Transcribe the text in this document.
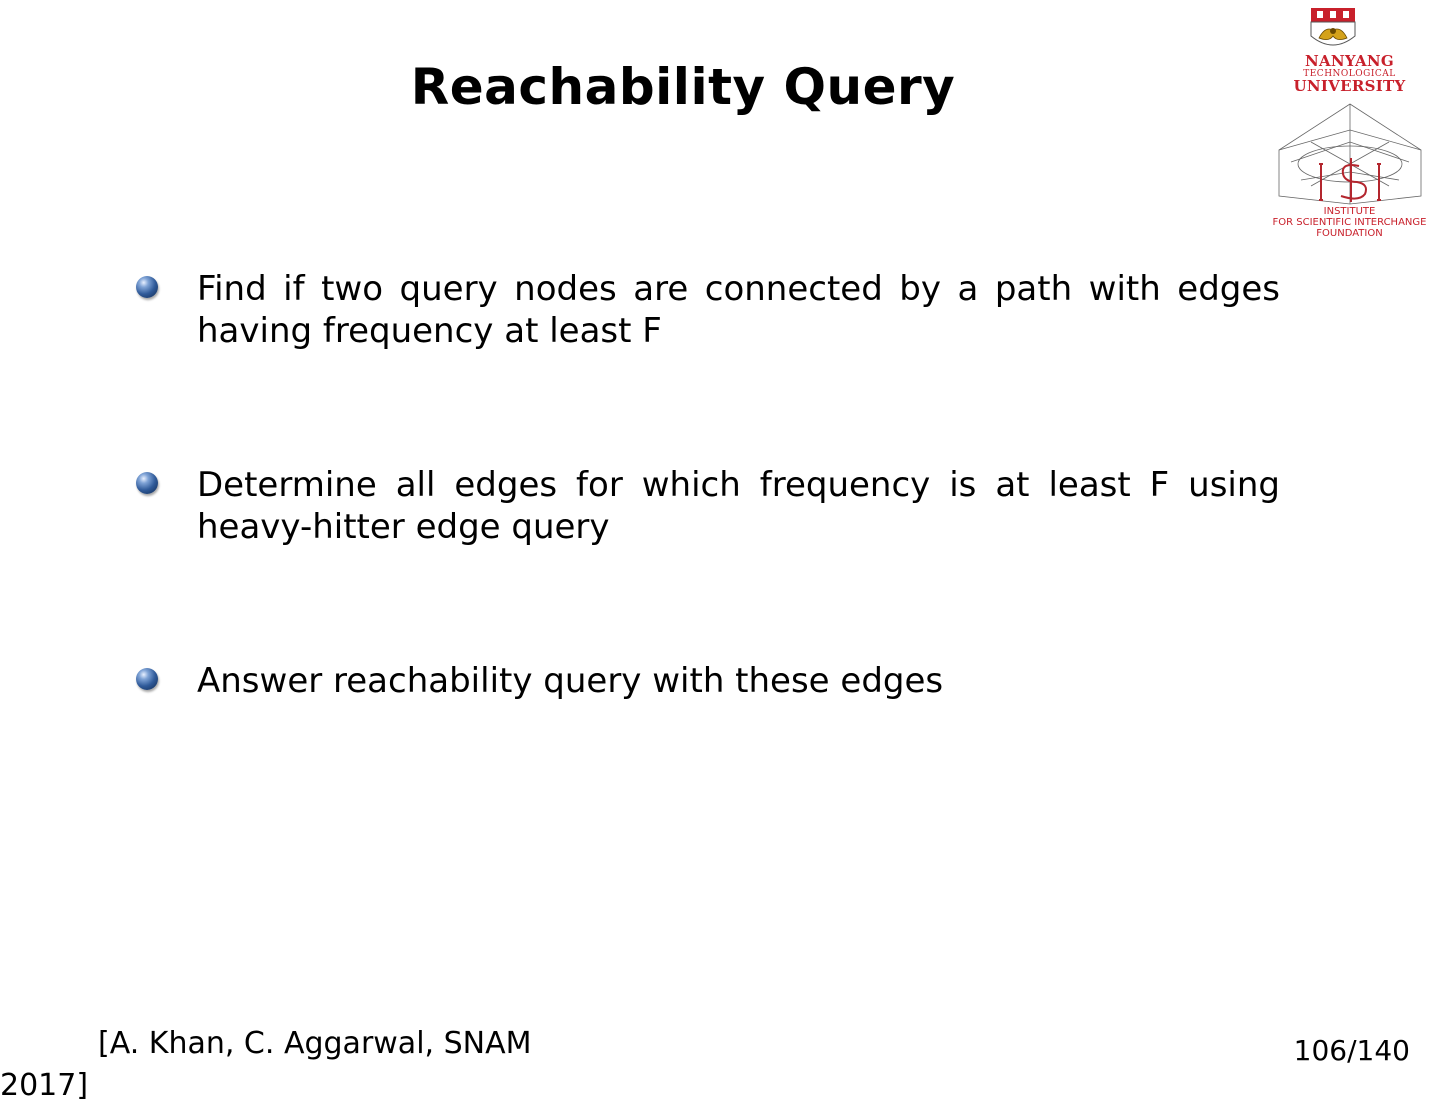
Reachability Query	NANYANG
TECHNOLOGICAL
UNIVERSITY
INSTITUTE
FOR SCIENTIFIC INTERCHANGE
FOUNDATION
Find if two query nodes are connected by a path with edges having frequency at least F
Determine all edges for which frequency is at least F using heavy-hitter edge query
Answer reachability query with these edges
[A. Khan, C. Aggarwal, SNAM 2017]
106/140
